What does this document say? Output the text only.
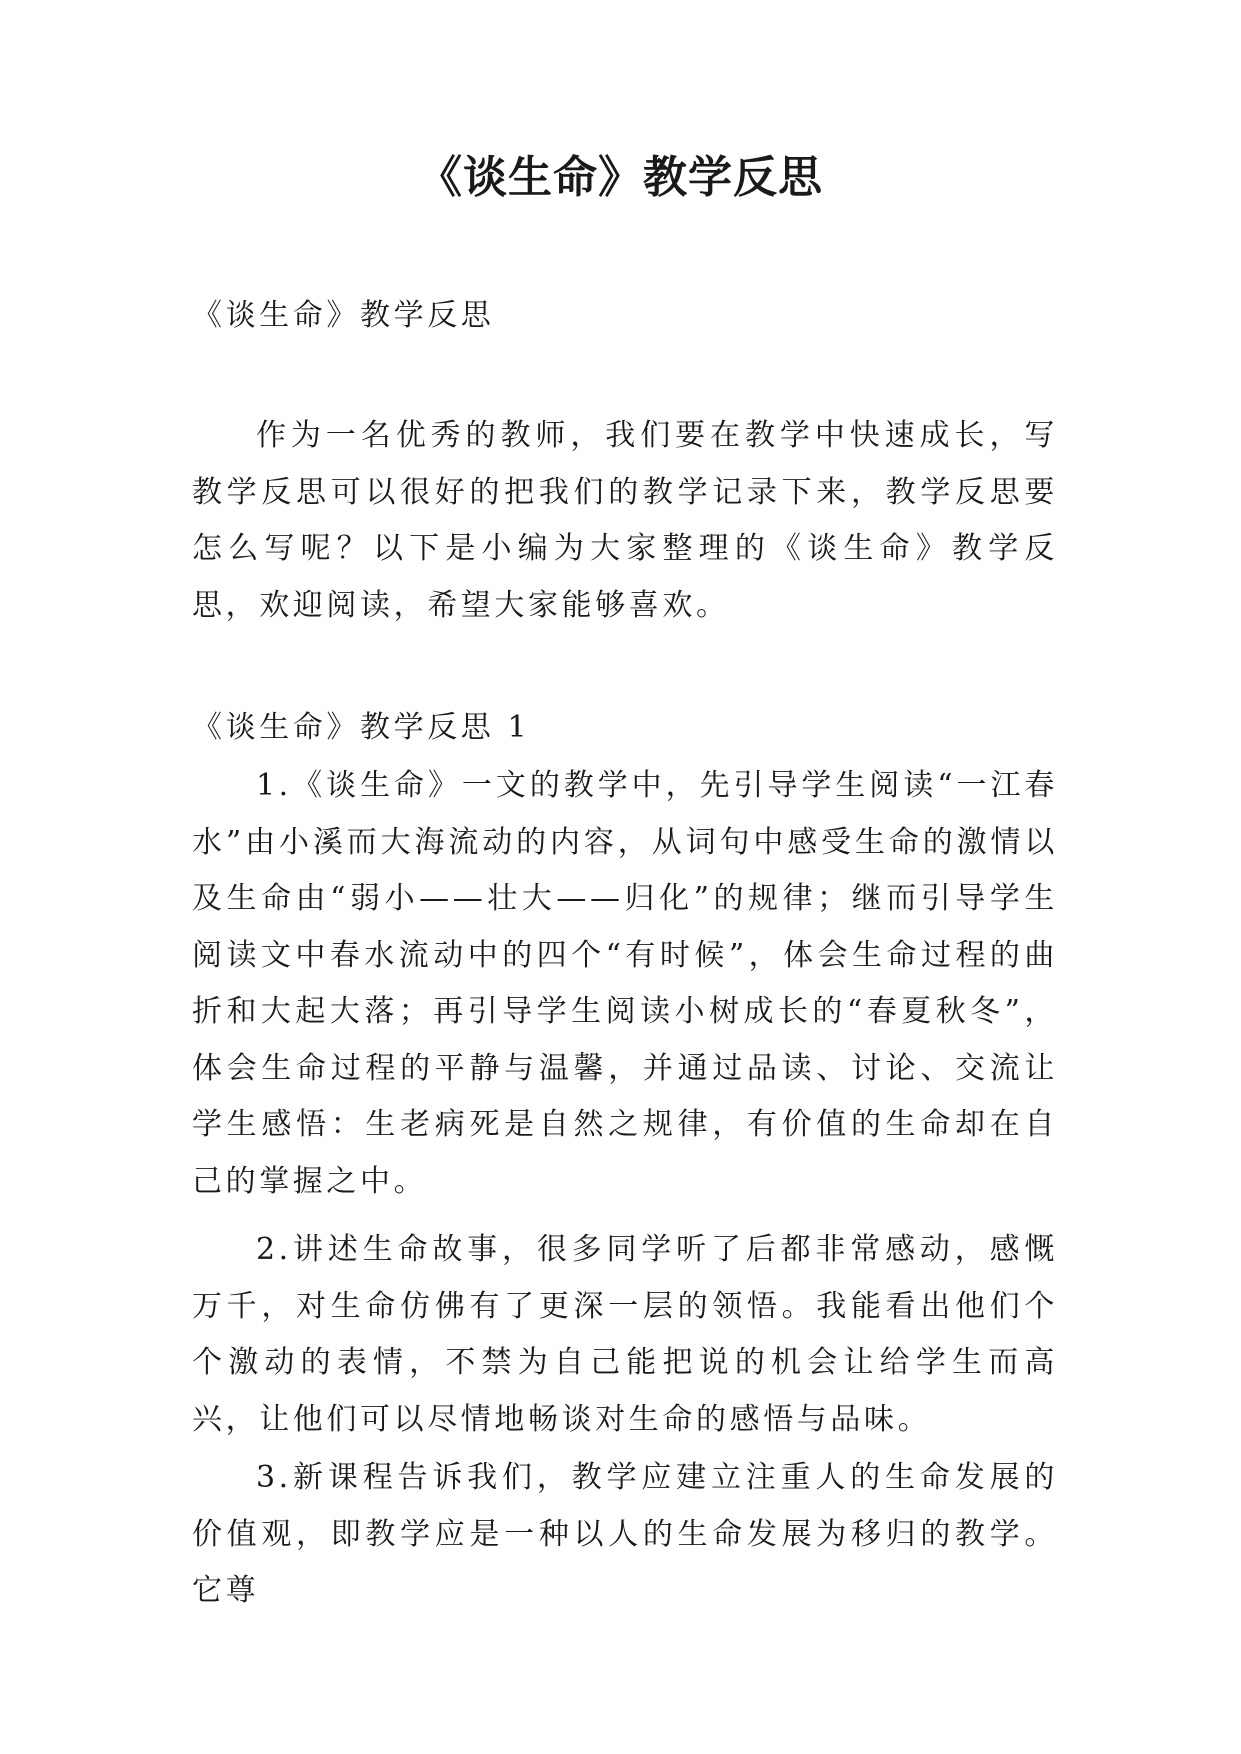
《谈生命》教学反思

《谈生命》教学反思

作为一名优秀的教师，我们要在教学中快速成长，写教学反思可以很好的把我们的教学记录下来，教学反思要怎么写呢？以下是小编为大家整理的《谈生命》教学反思，欢迎阅读，希望大家能够喜欢。

《谈生命》教学反思 1

1.《谈生命》一文的教学中，先引导学生阅读“一江春水”由小溪而大海流动的内容，从词句中感受生命的激情以及生命由“弱小——壮大——归化”的规律；继而引导学生阅读文中春水流动中的四个“有时候”，体会生命过程的曲折和大起大落；再引导学生阅读小树成长的“春夏秋冬”，体会生命过程的平静与温馨，并通过品读、讨论、交流让学生感悟：生老病死是自然之规律，有价值的生命却在自己的掌握之中。

2.讲述生命故事，很多同学听了后都非常感动，感慨万千，对生命仿佛有了更深一层的领悟。我能看出他们个个激动的表情，不禁为自己能把说的机会让给学生而高兴，让他们可以尽情地畅谈对生命的感悟与品味。

3.新课程告诉我们，教学应建立注重人的生命发展的价值观，即教学应是一种以人的生命发展为移归的教学。它尊
